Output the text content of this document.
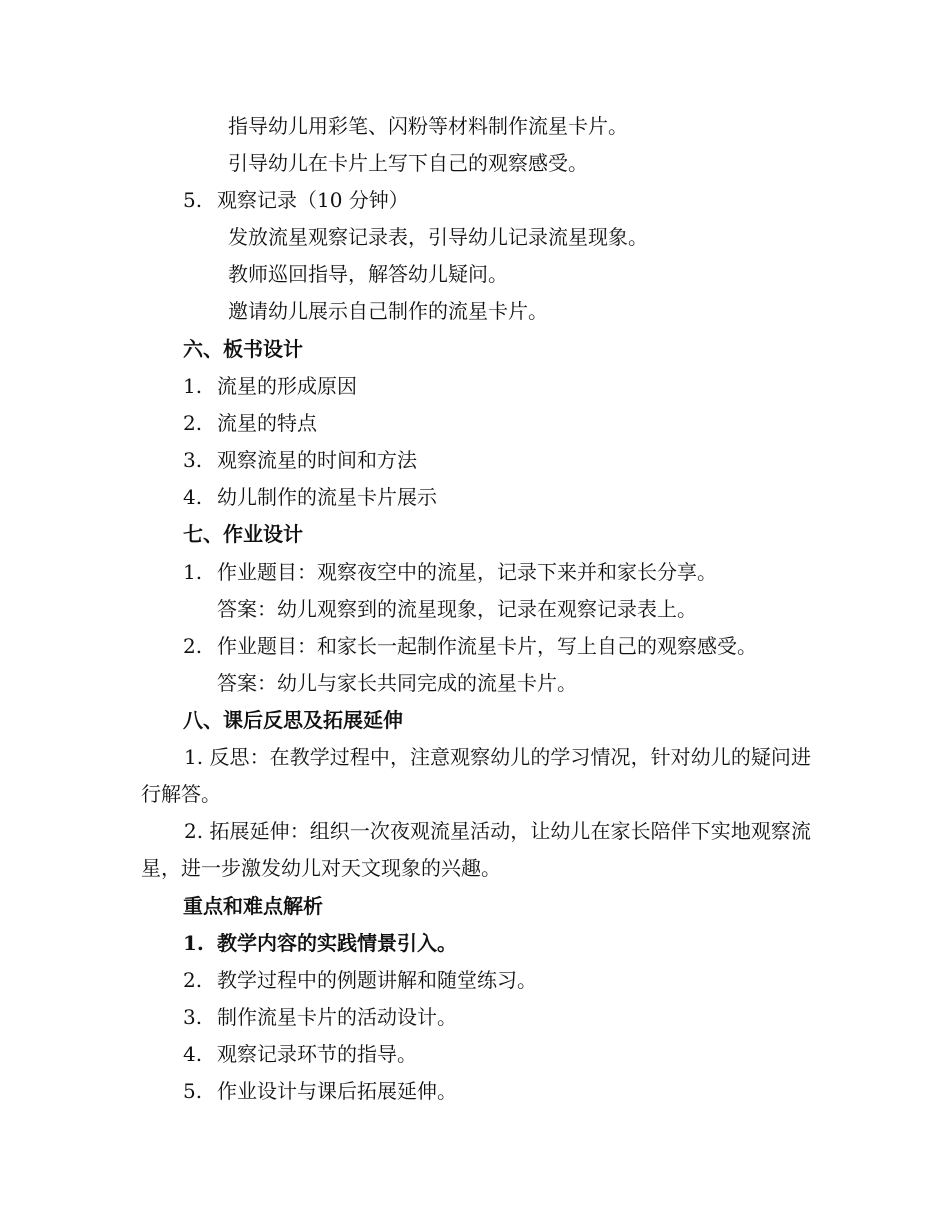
指导幼儿用彩笔、闪粉等材料制作流星卡片。
引导幼儿在卡片上写下自己的观察感受。
5. 观察记录（10 分钟）
发放流星观察记录表，引导幼儿记录流星现象。
教师巡回指导，解答幼儿疑问。
邀请幼儿展示自己制作的流星卡片。
六、板书设计
1. 流星的形成原因
2. 流星的特点
3. 观察流星的时间和方法
4. 幼儿制作的流星卡片展示
七、作业设计
1. 作业题目：观察夜空中的流星，记录下来并和家长分享。
答案：幼儿观察到的流星现象，记录在观察记录表上。
2. 作业题目：和家长一起制作流星卡片，写上自己的观察感受。
答案：幼儿与家长共同完成的流星卡片。
八、课后反思及拓展延伸
1. 反思：在教学过程中，注意观察幼儿的学习情况，针对幼儿的疑问进行解答。
2. 拓展延伸：组织一次夜观流星活动，让幼儿在家长陪伴下实地观察流星，进一步激发幼儿对天文现象的兴趣。
重点和难点解析
1. 教学内容的实践情景引入。
2. 教学过程中的例题讲解和随堂练习。
3. 制作流星卡片的活动设计。
4. 观察记录环节的指导。
5. 作业设计与课后拓展延伸。
